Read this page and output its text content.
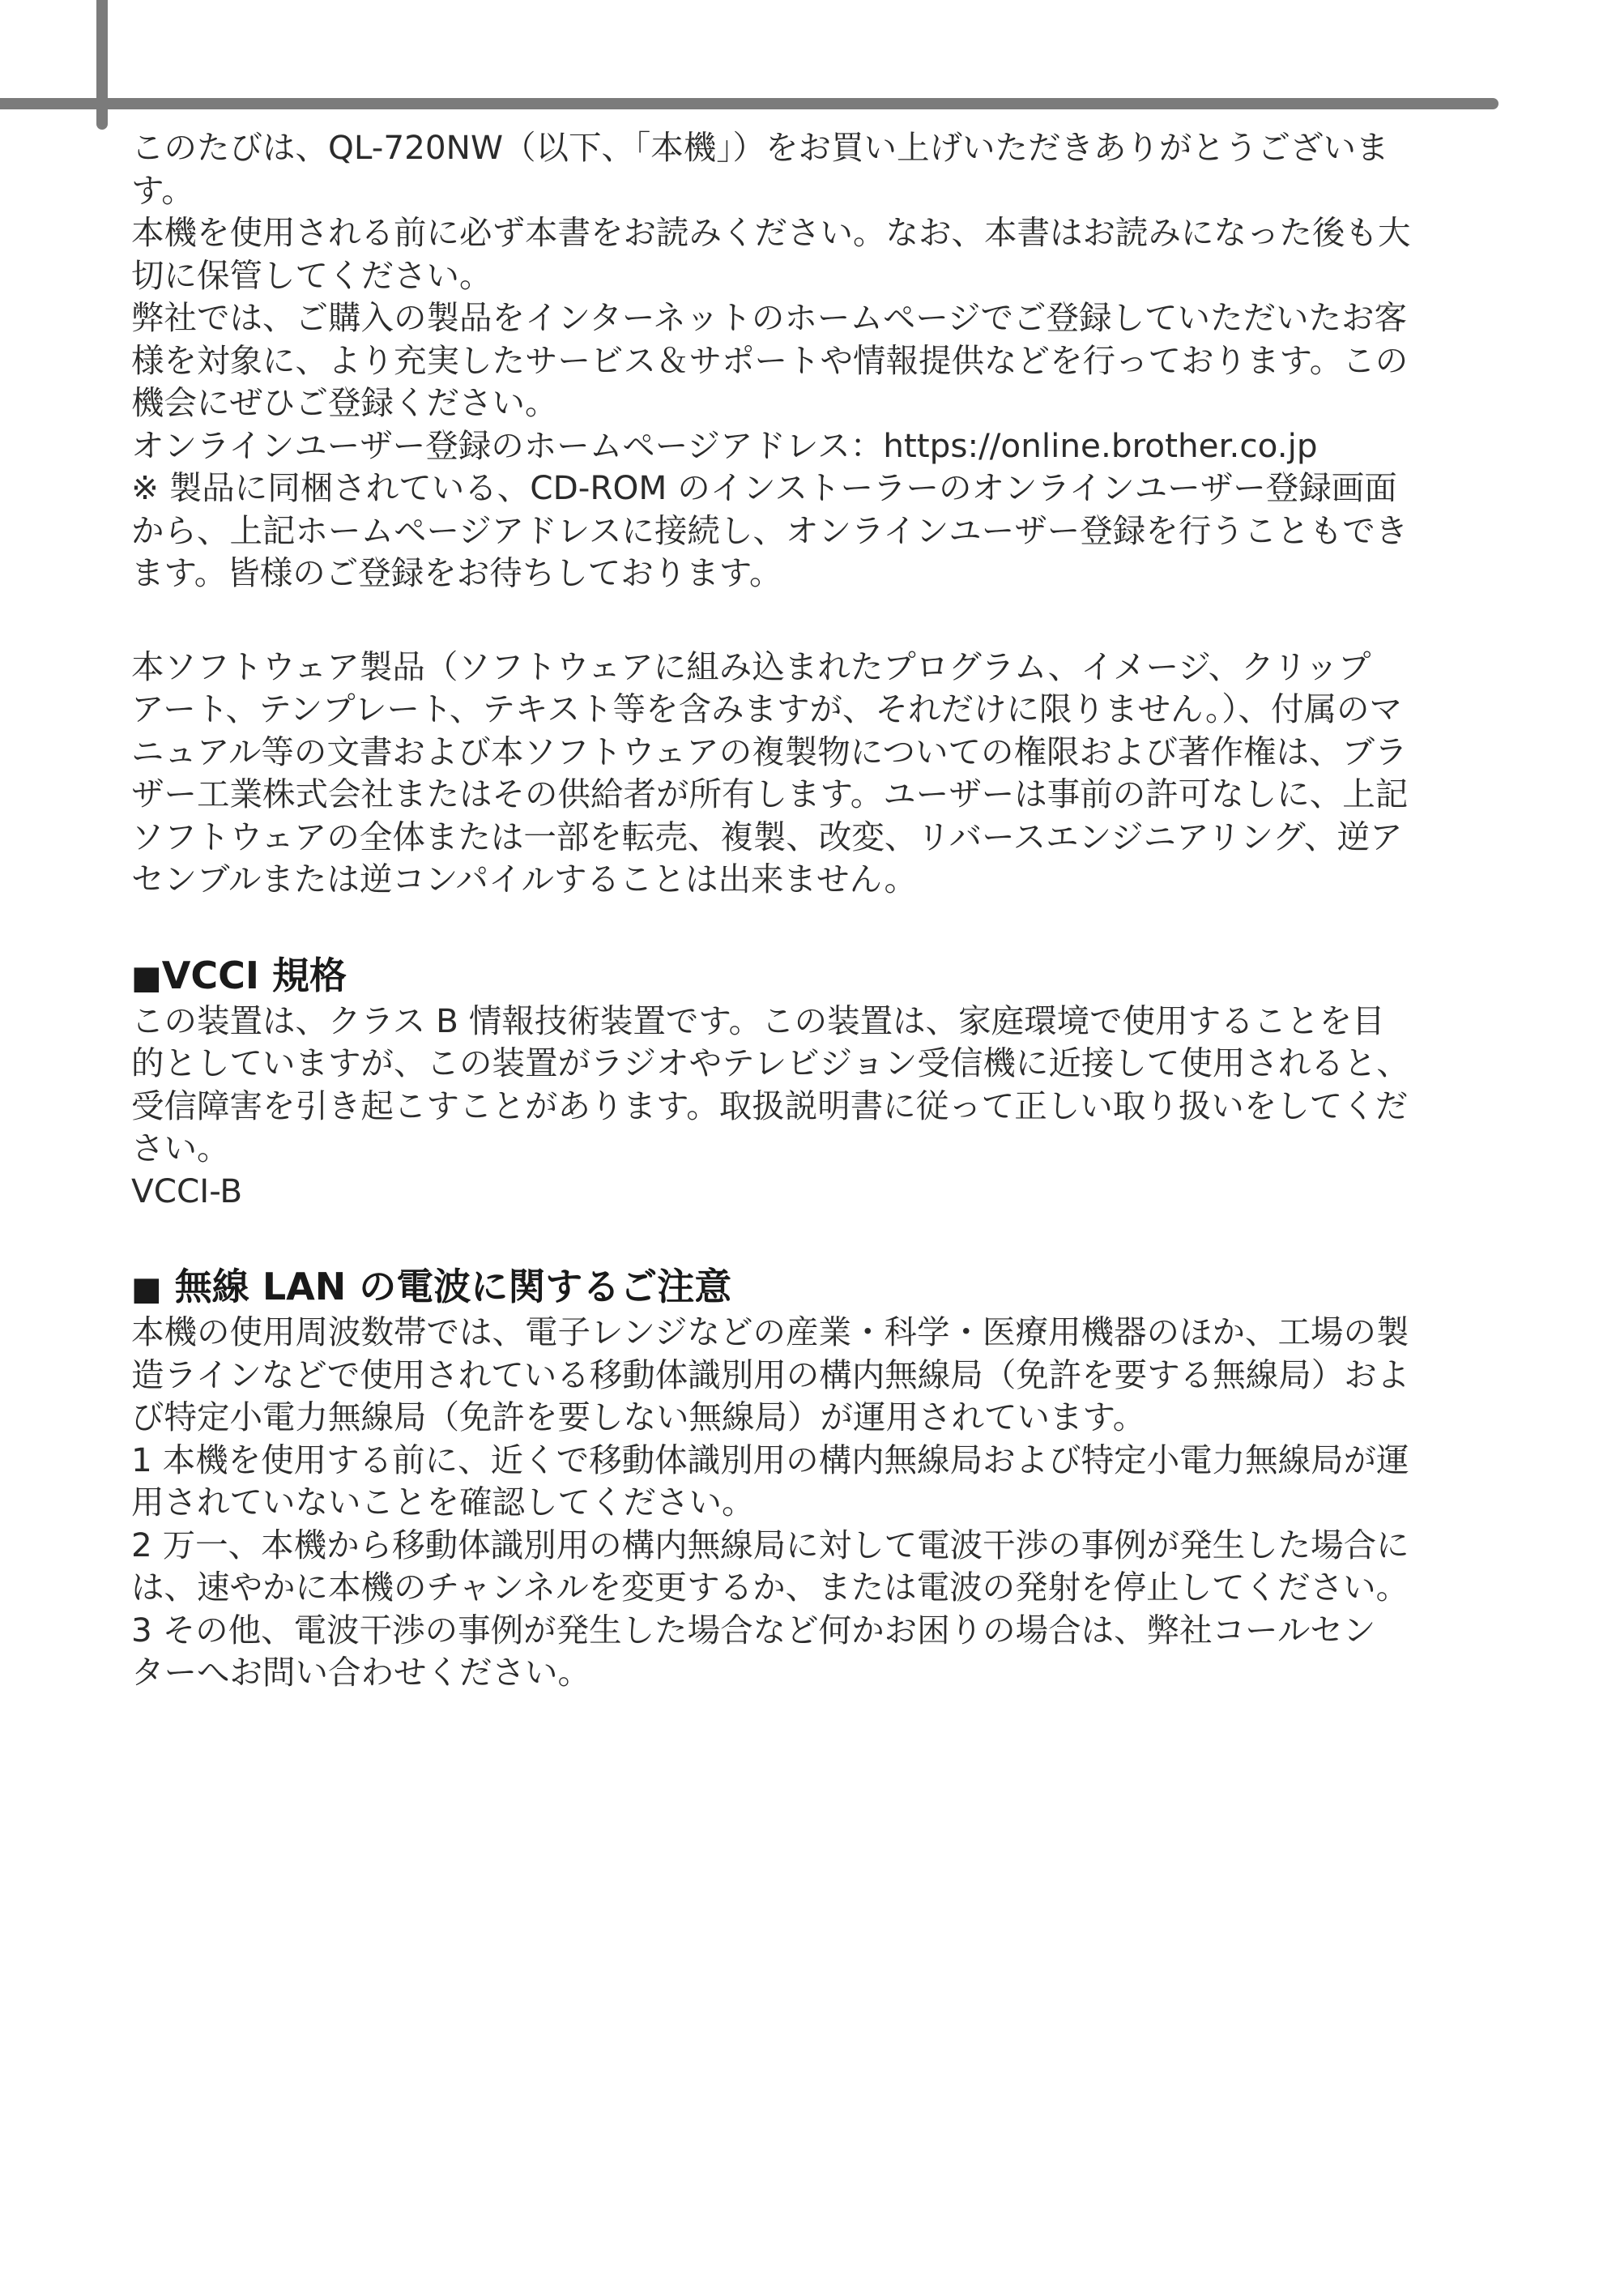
このたびは、QL-720NW（以下、「本機」）をお買い上げいただきありがとうございま
す。
本機を使用される前に必ず本書をお読みください。なお、本書はお読みになった後も大
切に保管してください。
弊社では、ご購入の製品をインターネットのホームページでご登録していただいたお客
様を対象に、より充実したサービス＆サポートや情報提供などを行っております。この
機会にぜひご登録ください。
オンラインユーザー登録のホームページアドレス：https://online.brother.co.jp
※ 製品に同梱されている、CD-ROM のインストーラーのオンラインユーザー登録画面
から、上記ホームページアドレスに接続し、オンラインユーザー登録を行うこともでき
ます。皆様のご登録をお待ちしております。
本ソフトウェア製品（ソフトウェアに組み込まれたプログラム、イメージ、クリップ
アート、テンプレート、テキスト等を含みますが、それだけに限りません。）、付属のマ
ニュアル等の文書および本ソフトウェアの複製物についての権限および著作権は、ブラ
ザー工業株式会社またはその供給者が所有します。ユーザーは事前の許可なしに、上記
ソフトウェアの全体または一部を転売、複製、改変、リバースエンジニアリング、逆ア
センブルまたは逆コンパイルすることは出来ません。
■VCCI 規格
この装置は、クラス B 情報技術装置です。この装置は、家庭環境で使用することを目
的としていますが、この装置がラジオやテレビジョン受信機に近接して使用されると、
受信障害を引き起こすことがあります。取扱説明書に従って正しい取り扱いをしてくだ
さい。
VCCI-B
■ 無線 LAN の電波に関するご注意
本機の使用周波数帯では、電子レンジなどの産業・科学・医療用機器のほか、工場の製
造ラインなどで使用されている移動体識別用の構内無線局（免許を要する無線局）およ
び特定小電力無線局（免許を要しない無線局）が運用されています。
1 本機を使用する前に、近くで移動体識別用の構内無線局および特定小電力無線局が運
用されていないことを確認してください。
2 万一、本機から移動体識別用の構内無線局に対して電波干渉の事例が発生した場合に
は、速やかに本機のチャンネルを変更するか、または電波の発射を停止してください。
3 その他、電波干渉の事例が発生した場合など何かお困りの場合は、弊社コールセン
ターへお問い合わせください。
